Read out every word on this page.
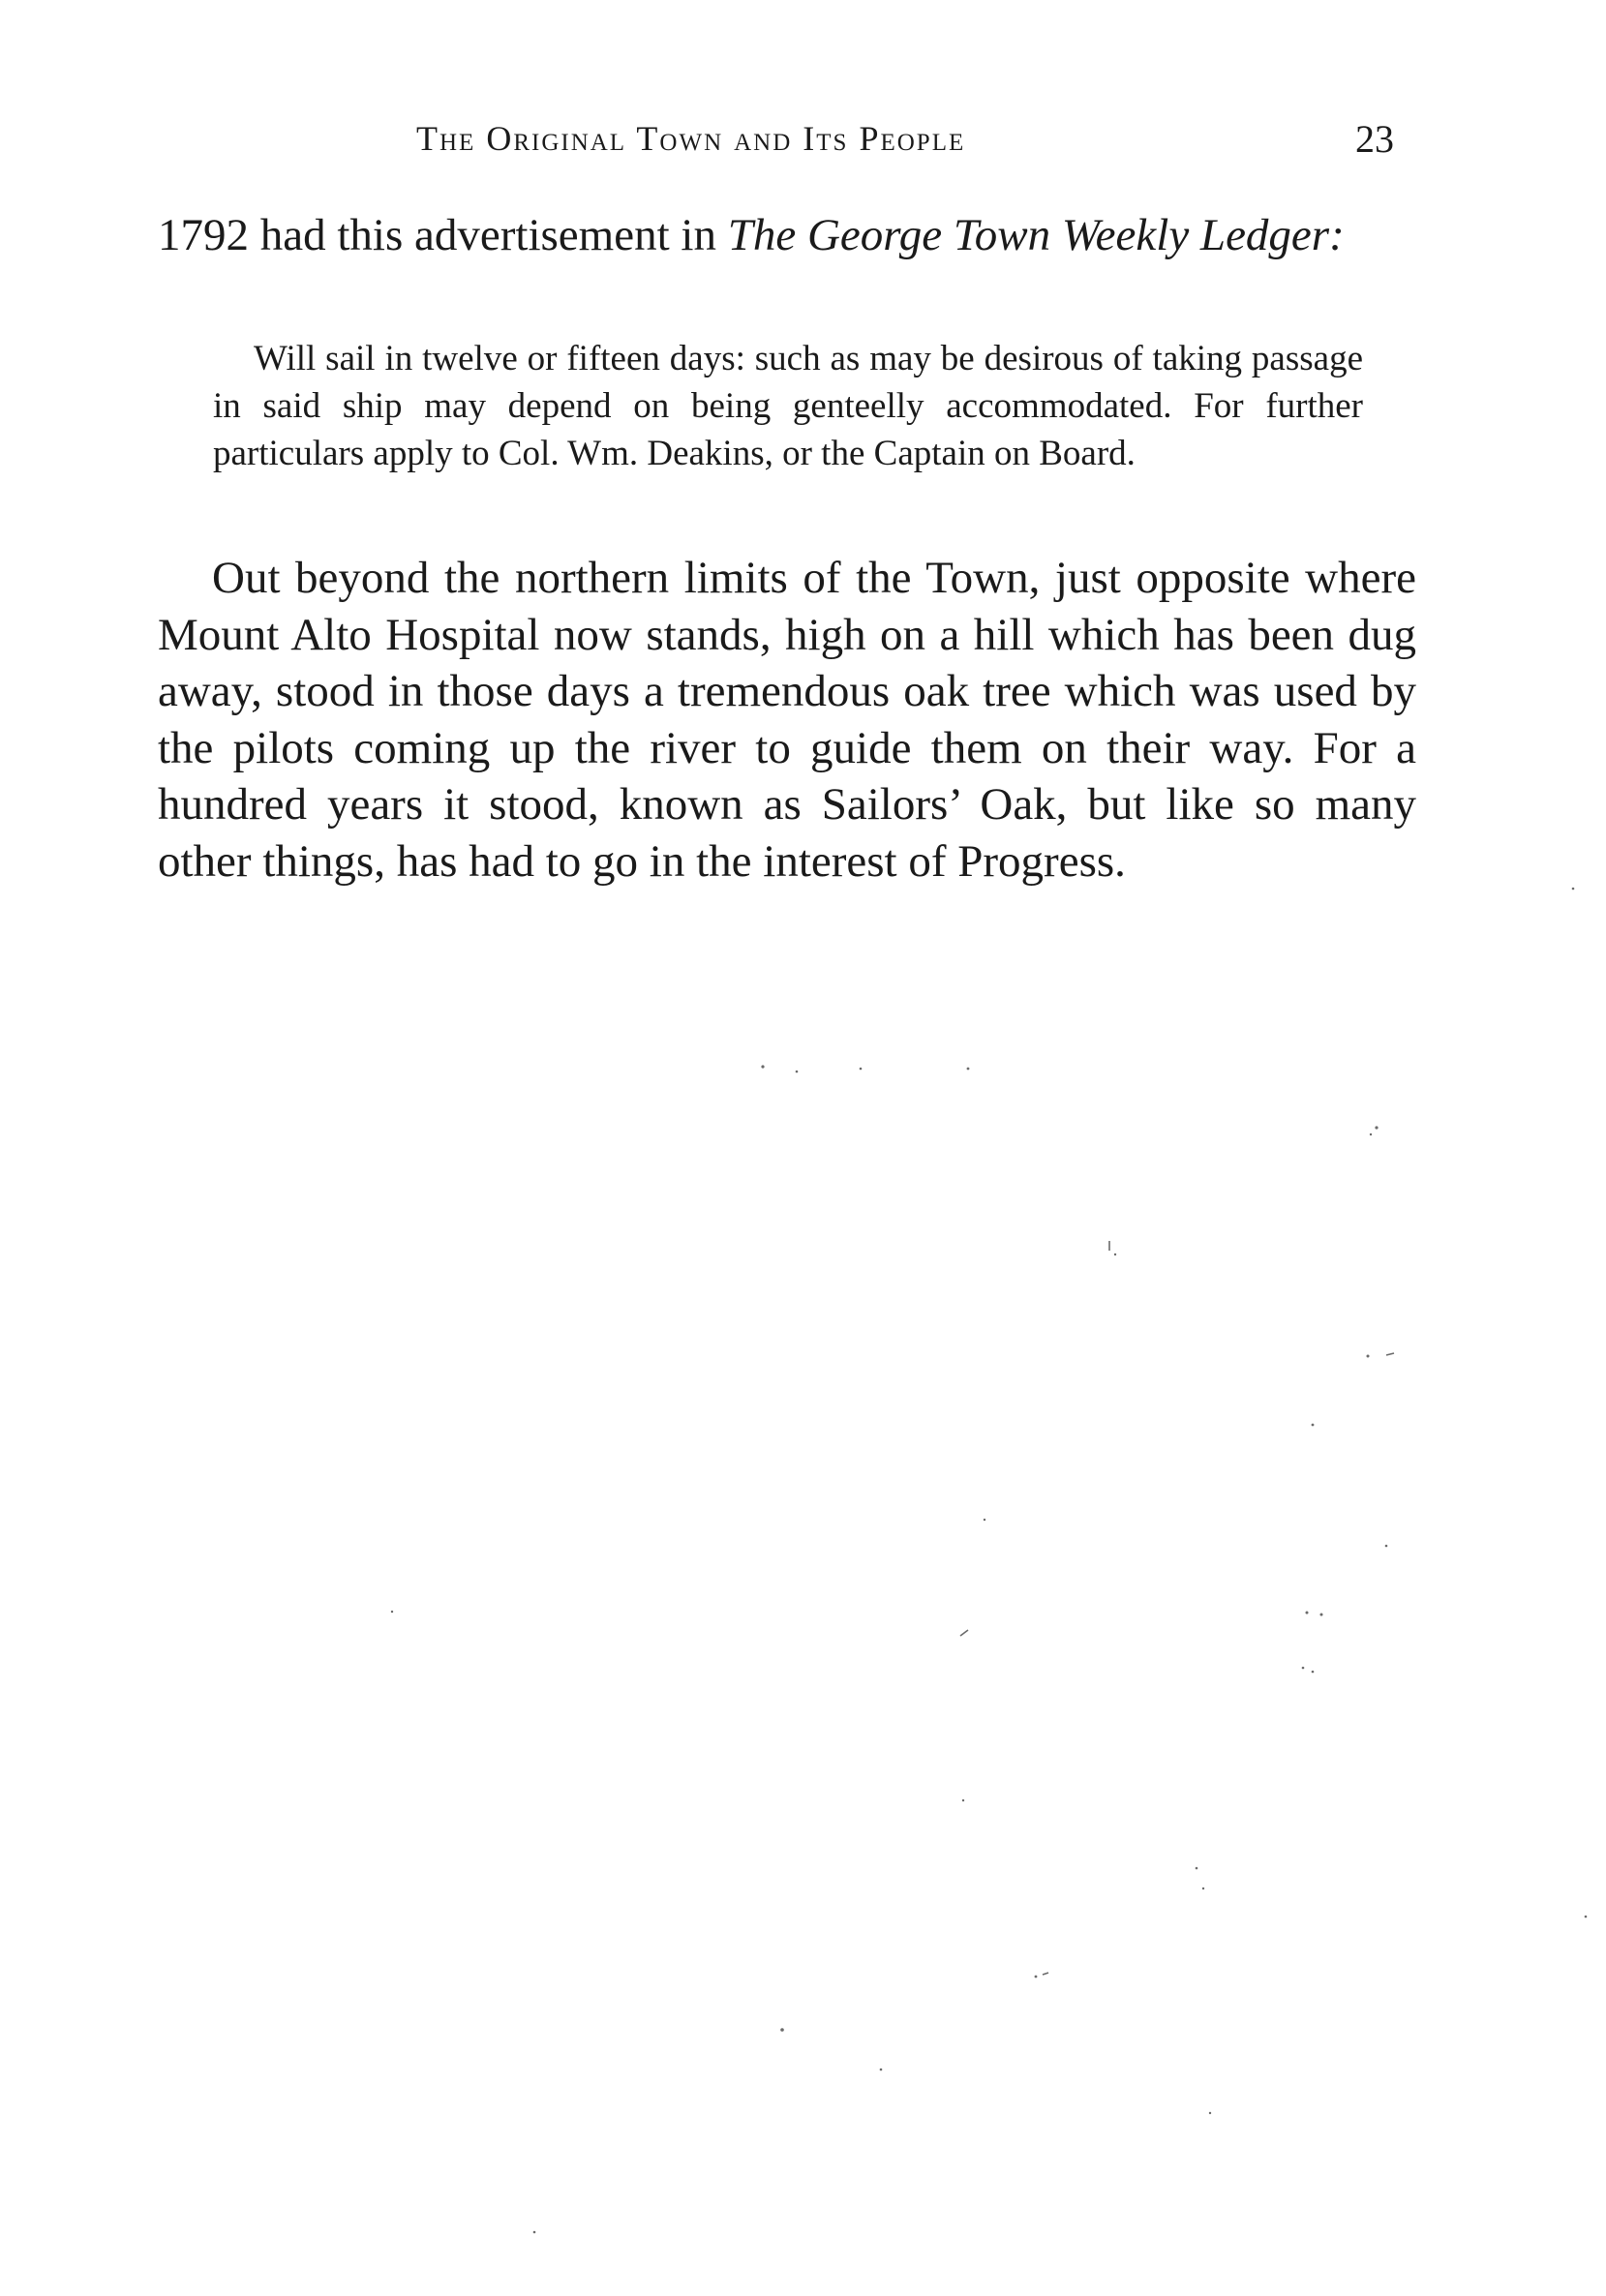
The Original Town and Its People	23

1792 had this advertisement in The George Town Weekly Ledger:

Will sail in twelve or fifteen days: such as may be desirous of taking passage in said ship may depend on being genteelly accommodated. For further particulars apply to Col. Wm. Deakins, or the Captain on Board.

Out beyond the northern limits of the Town, just opposite where Mount Alto Hospital now stands, high on a hill which has been dug away, stood in those days a tremendous oak tree which was used by the pilots coming up the river to guide them on their way. For a hundred years it stood, known as Sailors’ Oak, but like so many other things, has had to go in the interest of Progress.
